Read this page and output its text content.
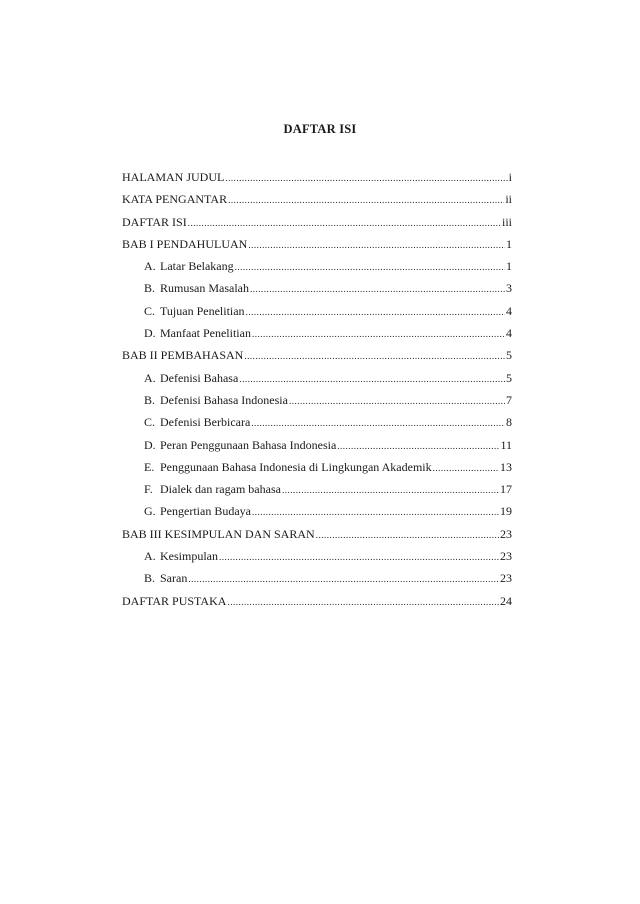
DAFTAR ISI
HALAMAN JUDUL .....	i
KATA PENGANTAR .....	ii
DAFTAR ISI .....	iii
BAB I PENDAHULUAN .....	1
A. Latar Belakang .....	1
B. Rumusan Masalah .....	3
C. Tujuan Penelitian .....	4
D. Manfaat Penelitian .....	4
BAB II PEMBAHASAN .....	5
A. Defenisi Bahasa .....	5
B. Defenisi Bahasa Indonesia .....	7
C. Defenisi Berbicara .....	8
D. Peran Penggunaan Bahasa Indonesia .....	11
E. Penggunaan Bahasa Indonesia di Lingkungan Akademik .....	13
F. Dialek dan ragam bahasa .....	17
G. Pengertian Budaya .....	19
BAB III KESIMPULAN DAN SARAN .....	23
A. Kesimpulan .....	23
B. Saran .....	23
DAFTAR PUSTAKA .....	24
